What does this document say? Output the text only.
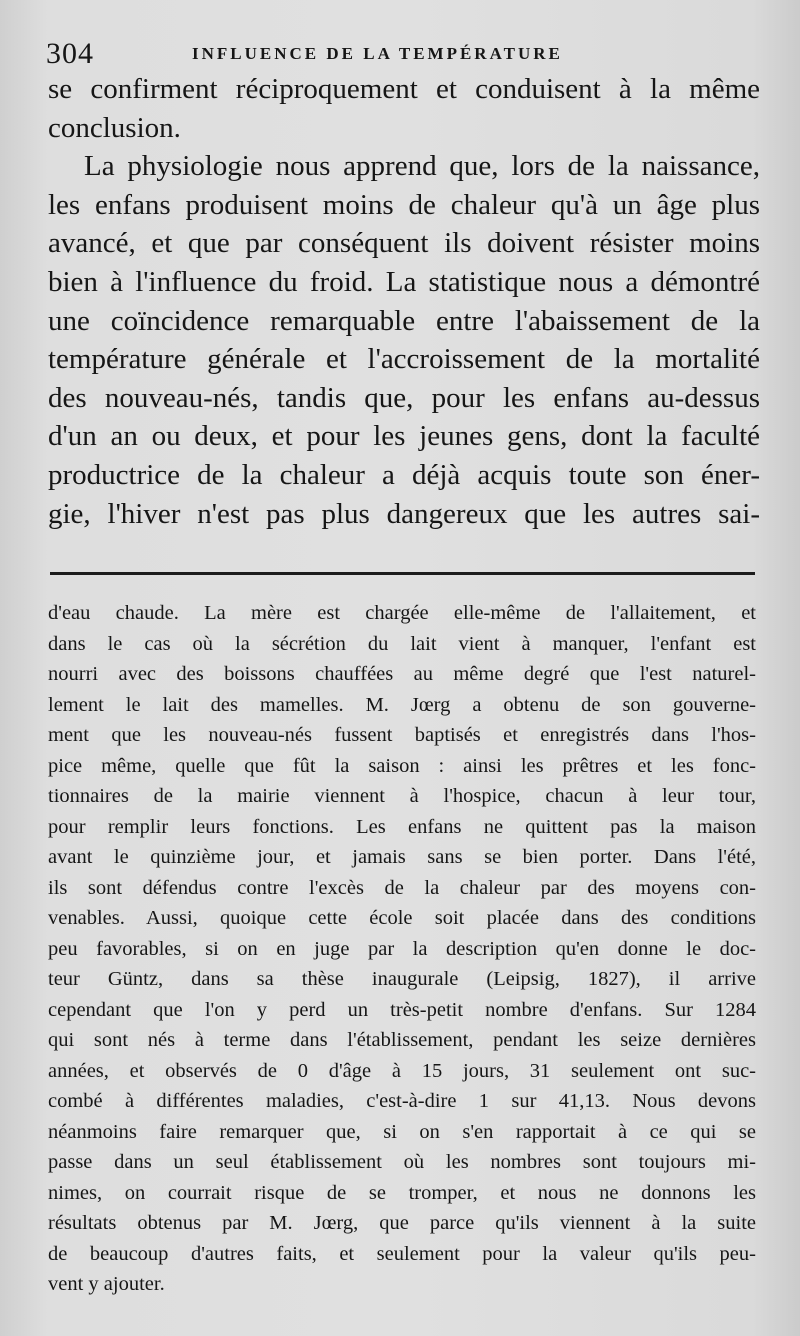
304	INFLUENCE DE LA TEMPÉRATURE
se confirment réciproquement et conduisent à la même
conclusion.
La physiologie nous apprend que, lors de la naissance,
les enfans produisent moins de chaleur qu'à un âge plus
avancé, et que par conséquent ils doivent résister moins
bien à l'influence du froid. La statistique nous a démontré
une coïncidence remarquable entre l'abaissement de la
température générale et l'accroissement de la mortalité
des nouveau-nés, tandis que, pour les enfans au-dessus
d'un an ou deux, et pour les jeunes gens, dont la faculté
productrice de la chaleur a déjà acquis toute son éner-
gie, l'hiver n'est pas plus dangereux que les autres sai-
d'eau chaude. La mère est chargée elle-même de l'allaitement, et
dans le cas où la sécrétion du lait vient à manquer, l'enfant est
nourri avec des boissons chauffées au même degré que l'est naturel-
lement le lait des mamelles. M. Jœrg a obtenu de son gouverne-
ment que les nouveau-nés fussent baptisés et enregistrés dans l'hos-
pice même, quelle que fût la saison : ainsi les prêtres et les fonc-
tionnaires de la mairie viennent à l'hospice, chacun à leur tour,
pour remplir leurs fonctions. Les enfans ne quittent pas la maison
avant le quinzième jour, et jamais sans se bien porter. Dans l'été,
ils sont défendus contre l'excès de la chaleur par des moyens con-
venables. Aussi, quoique cette école soit placée dans des conditions
peu favorables, si on en juge par la description qu'en donne le doc-
teur Güntz, dans sa thèse inaugurale (Leipsig, 1827), il arrive
cependant que l'on y perd un très-petit nombre d'enfans. Sur 1284
qui sont nés à terme dans l'établissement, pendant les seize dernières
années, et observés de 0 d'âge à 15 jours, 31 seulement ont suc-
combé à différentes maladies, c'est-à-dire 1 sur 41,13. Nous devons
néanmoins faire remarquer que, si on s'en rapportait à ce qui se
passe dans un seul établissement où les nombres sont toujours mi-
nimes, on courrait risque de se tromper, et nous ne donnons les
résultats obtenus par M. Jœrg, que parce qu'ils viennent à la suite
de beaucoup d'autres faits, et seulement pour la valeur qu'ils peu-
vent y ajouter.
